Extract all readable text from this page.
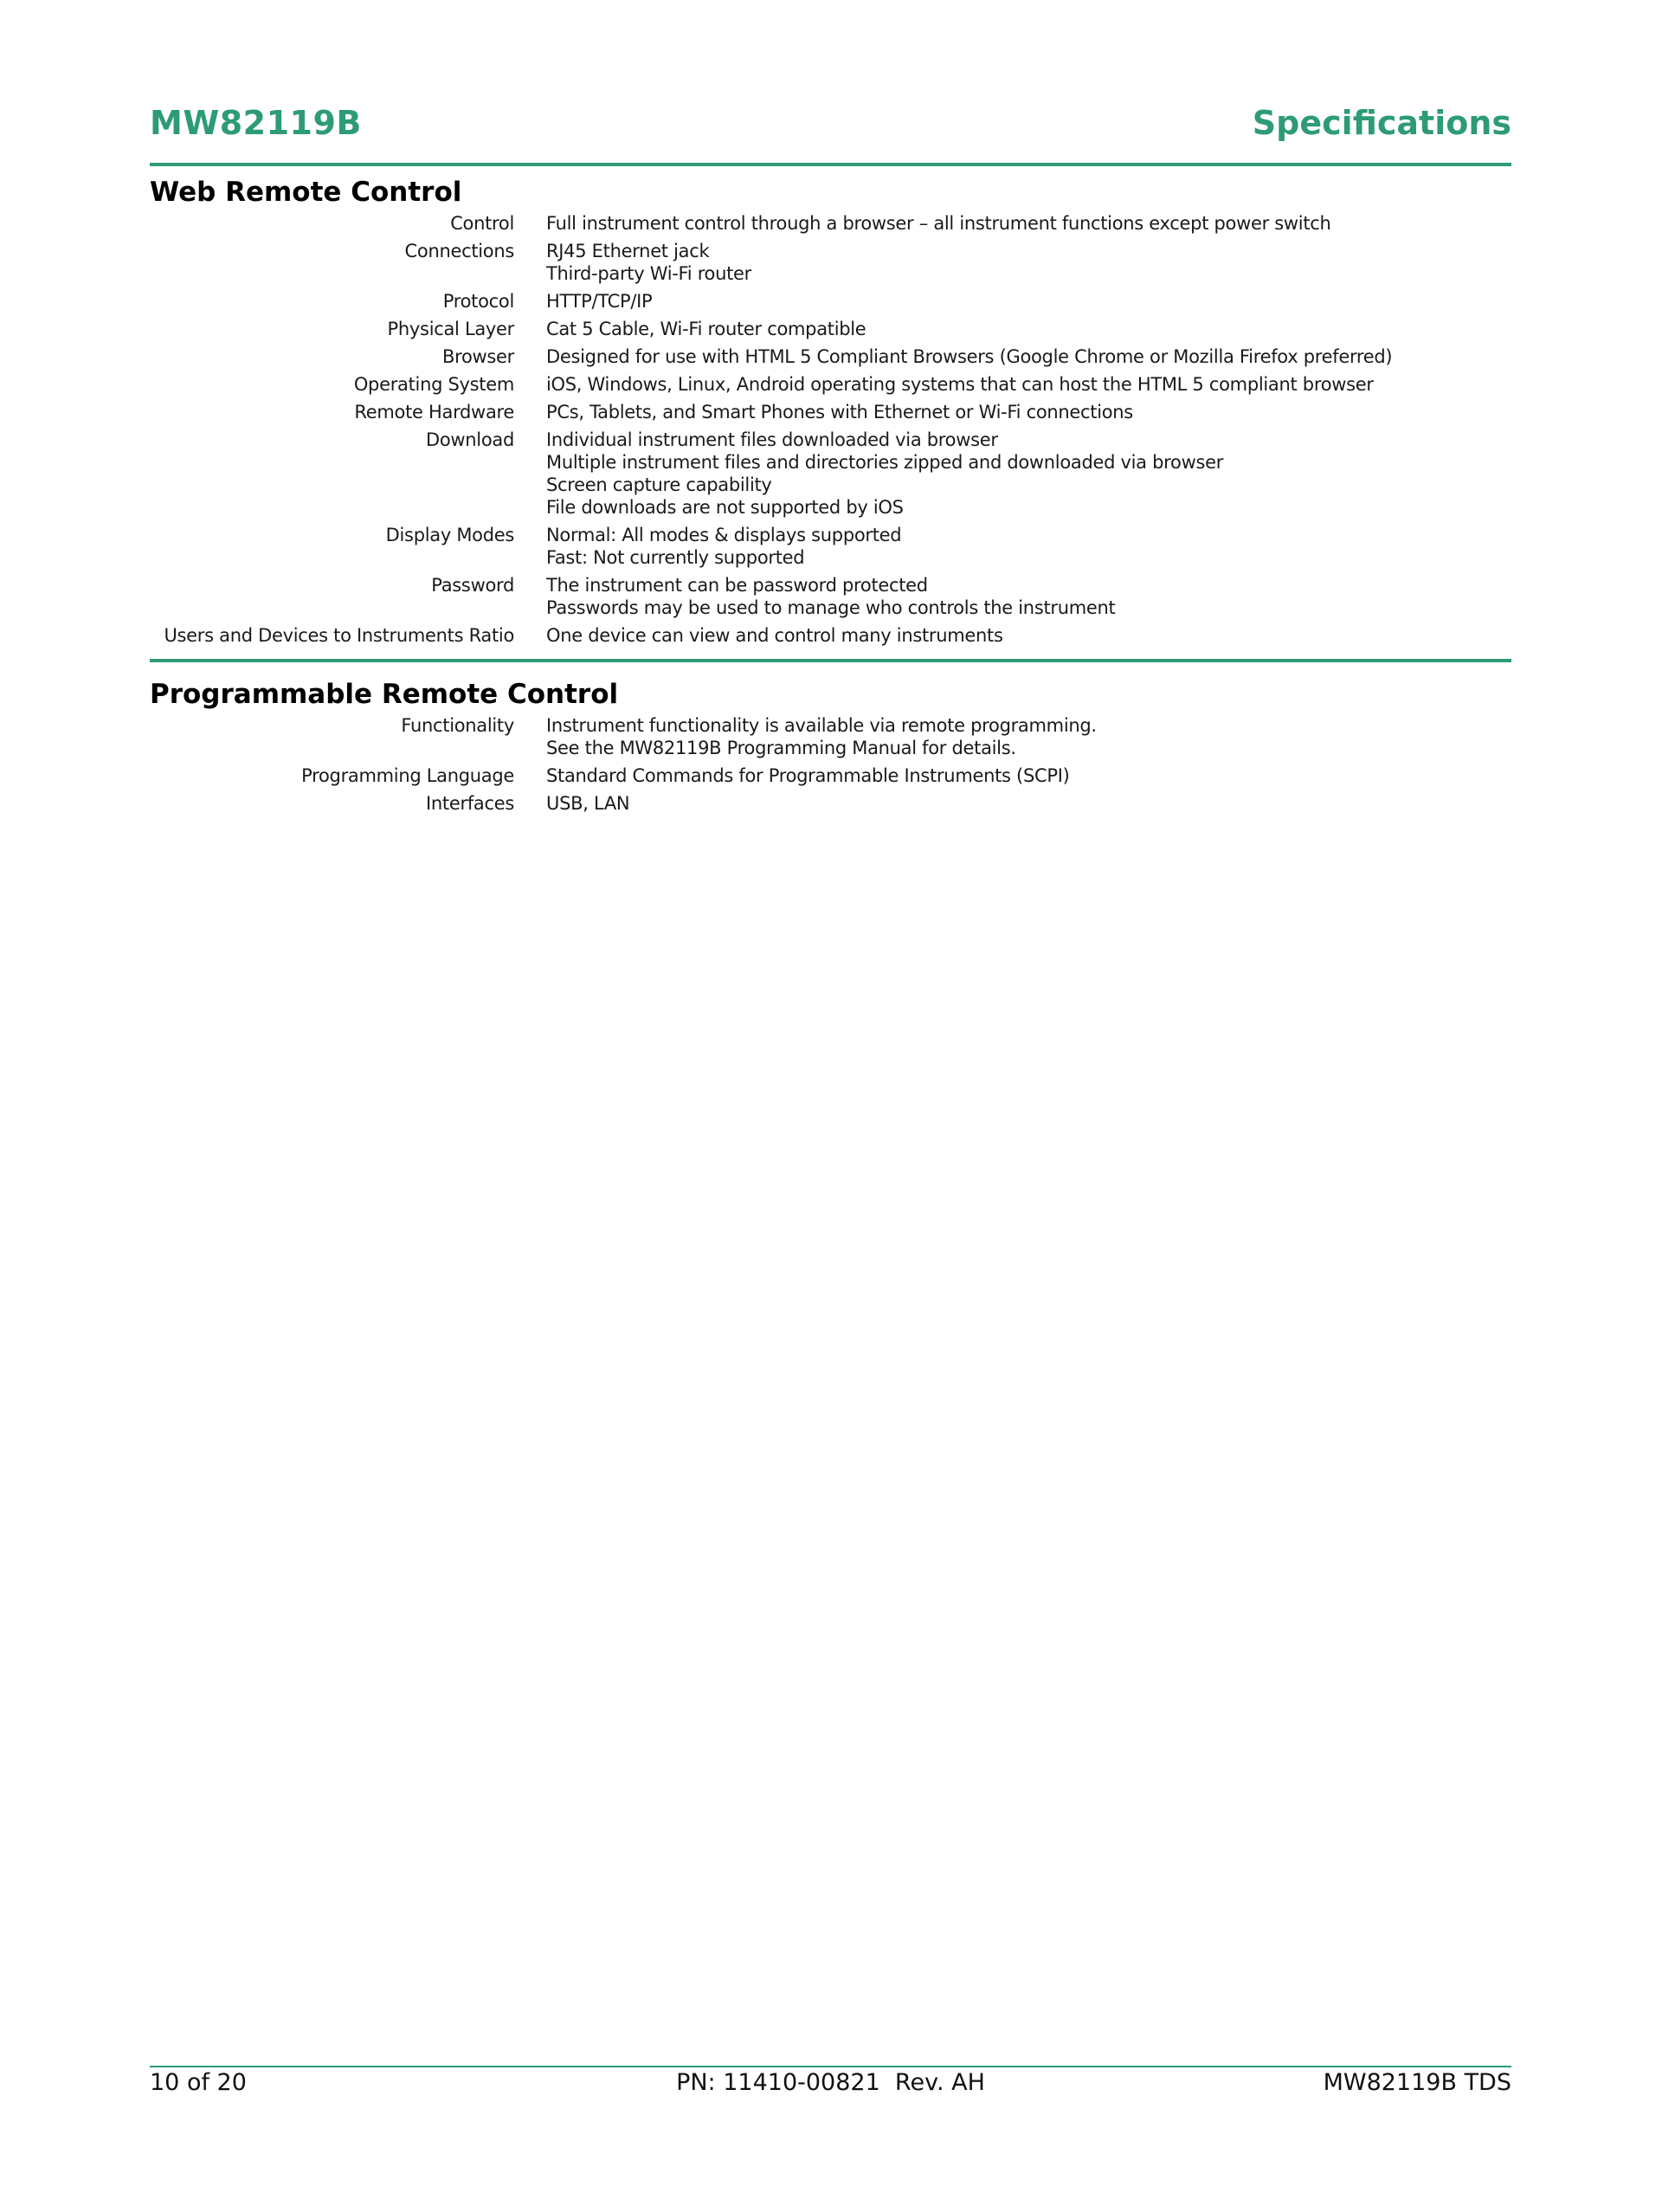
MW82119B	Specifications
Web Remote Control
Control	Full instrument control through a browser – all instrument functions except power switch
Connections	RJ45 Ethernet jack
Third-party Wi-Fi router
Protocol	HTTP/TCP/IP
Physical Layer	Cat 5 Cable, Wi-Fi router compatible
Browser	Designed for use with HTML 5 Compliant Browsers (Google Chrome or Mozilla Firefox preferred)
Operating System	iOS, Windows, Linux, Android operating systems that can host the HTML 5 compliant browser
Remote Hardware	PCs, Tablets, and Smart Phones with Ethernet or Wi-Fi connections
Download	Individual instrument files downloaded via browser
Multiple instrument files and directories zipped and downloaded via browser
Screen capture capability
File downloads are not supported by iOS
Display Modes	Normal: All modes & displays supported
Fast: Not currently supported
Password	The instrument can be password protected
Passwords may be used to manage who controls the instrument
Users and Devices to Instruments Ratio	One device can view and control many instruments
Programmable Remote Control
Functionality	Instrument functionality is available via remote programming.
See the MW82119B Programming Manual for details.
Programming Language	Standard Commands for Programmable Instruments (SCPI)
Interfaces	USB, LAN
10 of 20	PN: 11410-00821  Rev. AH	MW82119B TDS
